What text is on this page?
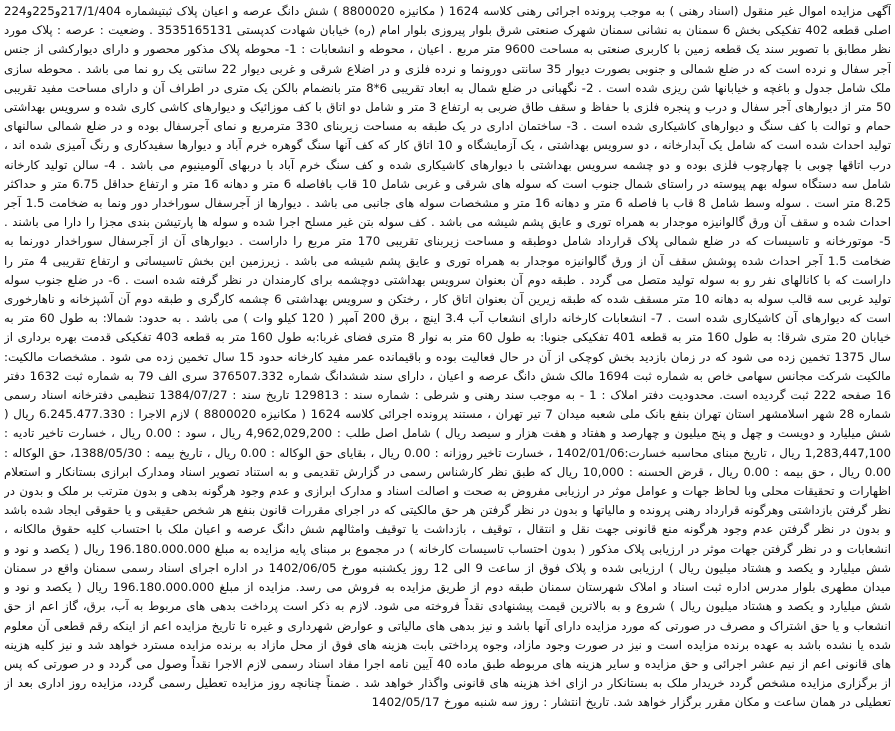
آگهی مزایده اموال غیر منقول (اسناد رهنی ) به موجب پرونده اجرائی رهنی کلاسه 1624 ( مکانیزه 8800020 ) شش دانگ عرصه و اعیان پلاک ثبتیشماره 217/1/404و225و224 اصلی قطعه 402 تفکیکی بخش 6 سمنان به نشانی سمنان شهرک صنعتی شرق بلوار پیروزی بلوار امام (ره) خیابان شهادت کدپستی 3535165131 . وضعیت : عرصه : پلاک مورد نظر مطابق با تصویر سند یک قطعه زمین با کاربری صنعتی به مساحت 9600 متر مربع . اعیان ، محوطه و انشعابات : 1- محوطه پلاک مذکور محصور و دارای دیوارکشی از جنس آجر سفال و نرده است که در ضلع شمالی و جنوبی بصورت دیوار 35 سانتی دورونما و نرده فلزی و در اضلاع شرقی و غربی دیوار 22 سانتی یک رو نما می باشد . محوطه سازی ملک شامل جدول و باغچه و خیابانها شن ریزی شده است . 2- نگهبانی در ضلع شمال به ابعاد تقریبی 6*8 متر بانضمام بالکن یک متری در اطراف آن و دارای مساحت مفید تقریبی 50 متر از دیوارهای آجر سفال و درب و پنجره فلزی با حفاظ و سقف طاق ضربی به ارتفاع 3 متر و شامل دو اتاق با کف موزائیک و دیوارهای کاشی کاری شده و سرویس بهداشتی حمام و توالت با کف سنگ و دیوارهای کاشیکاری شده است . 3- ساختمان اداری در یک طبقه به مساحت زیربنای 330 مترمربع و نمای آجرسفال بوده و در ضلع شمالی سالنهای تولید احداث شده است که شامل یک آبدارخانه ، دو سرویس بهداشتی ، یک آزمایشگاه و 10 اتاق کار که کف آنها سنگ گوهره خرم آباد و دیوارها سفیدکاری و رنگ آمیزی شده اند ، درب اتاقها چوبی با چهارچوب فلزی بوده و دو چشمه سرویس بهداشتی با دیوارهای کاشیکاری شده و کف سنگ خرم آباد با دربهای آلومینیوم می باشد . 4- سالن تولید کارخانه شامل سه دستگاه سوله بهم پیوسته در راستای شمال جنوب است که سوله های شرقی و غربی شامل 10 قاب بافاصله 6 متر و دهانه 16 متر و ارتفاع حداقل 6.75 متر و حداکثر 8.25 متر است . سوله وسط شامل 8 قاب با فاصله 6 متر و دهانه 16 متر و مشخصات سوله های جانبی می باشد . دیوارها از آجرسفال سوراخدار دور ونما به ضخامت 1.5 آجر احداث شده و سقف آن ورق گالوانیزه موجدار به همراه توری و عایق پشم شیشه می باشد . کف سوله بتن غیر مسلح اجرا شده و سوله ها پارتیشن بندی مجزا را دارا می باشند . 5- موتورخانه و تاسیسات که در ضلع شمالی پلاک قرارداد شامل دوطبقه و مساحت زیربنای تقریبی 170 متر مربع را داراست . دیوارهای آن از آجرسفال سوراخدار دورنما به ضخامت 1.5 آجر احداث شده پوشش سقف آن از ورق گالوانیزه موجدار به همراه توری و عایق پشم شیشه می باشد . زیرزمین این بخش تاسیساتی و ارتفاع تقریبی 4 متر را داراست که با کانالهای نفر رو به سوله تولید متصل می گردد . طبقه دوم آن بعنوان سرویس بهداشتی دوچشمه برای کارمندان در نظر گرفته شده است . 6- در ضلع جنوب سوله تولید غربی سه قالب سوله به دهانه 10 متر مسقف شده که طبقه زیرین آن بعنوان اتاق کار ، رختکن و سرویس بهداشتی 6 چشمه کارگری و طبقه دوم آن آشپزخانه و ناهارخوری است که دیوارهای آن کاشیکاری شده است . 7- انشعابات کارخانه دارای انشعاب آب 3.4 اینچ ، برق 200 آمپر ( 120 کیلو وات ) می باشد . به حدود: شمالا: به طول 60 متر به خیابان 20 متری شرقا: به طول 160 متر به قطعه 401 تفکیکی جنوبا: به طول 60 متر به نوار 8 متری فضای غربا:به طول 160 متر به قطعه 403 تفکیکی قدمت بهره برداری از سال 1375 تخمین زده می شود که در زمان بازدید بخش کوچکی از آن در حال فعالیت بوده و باقیمانده عمر مفید کارخانه حدود 15 سال تخمین زده می شود . مشخصات مالکیت: مالکیت شرکت مجانس سهامی خاص به شماره ثبت 1694 مالک شش دانگ عرصه و اعیان ، دارای سند ششدانگ شماره 376507.332 سری الف 79 به شماره ثبت 1632 دفتر 16 صفحه 222 ثبت گردیده است. محدودیت دفتر املاک : 1 - به موجب سند رهنی و شرطی : شماره سند : 129813 تاریخ سند : 1384/07/27 تنظیمی دفترخانه اسناد رسمی شماره 28 شهر اسلامشهر استان تهران بنفع بانک ملی شعبه میدان 7 تیر تهران ، مستند پرونده اجرائی کلاسه 1624 ( مکانیزه 8800020 ) لازم الاجرا : 6.245.477.330 ریال ( شش میلیارد و دویست و چهل و پنج میلیون و چهارصد و هفتاد و هفت هزار و سیصد ریال ) شامل اصل طلب : 4,962,029,200 ریال ، سود : 0.00 ریال ، خسارت تاخیر تادیه : 1,283,447,100 ریال ، تاریخ مبنای محاسبه خسارت:1402/01/06 ، خسارت تاخیر روزانه : 0.00 ریال ، بقایای حق الوکاله : 0.00 ریال ، تاریخ بیمه : 1388/05/30، حق الوکاله : 0.00 ریال ، حق بیمه : 0.00 ریال ، قرض الحسنه : 10,000 ریال که طبق نظر کارشناس رسمی در گزارش تقدیمی و به استناد تصویر اسناد ومدارک ابرازی بستانکار و استعلام اظهارات و تحقیقات محلی وبا لحاظ جهات و عوامل موثر در ارزیابی مفروض به صحت و اصالت اسناد و مدارک ابرازی و عدم وجود هرگونه بدهی و بدون مترتب بر ملک و بدون در نظر گرفتن بازداشتی وهرگونه قرارداد رهنی پرونده و مالیاتها و بدون در نظر گرفتن هر حق مالکیتی که در اجرای مقررات قانون بنفع هر شخص حقیقی و یا حقوقی ایجاد شده باشد و بدون در نظر گرفتن عدم وجود هرگونه منع قانونی جهت نقل و انتقال ، توقیف ، بازداشت یا توقیف وامثالهم شش دانگ عرصه و اعیان ملک با احتساب کلیه حقوق مالکانه ، انشعابات و در نظر گرفتن جهات موثر در ارزیابی پلاک مذکور ( بدون احتساب تاسیسات کارخانه ) در مجموع بر مبنای پایه مزایده به مبلغ 196.180.000.000 ریال ( یکصد و نود و شش میلیارد و یکصد و هشتاد میلیون ریال ) ارزیابی شده و پلاک فوق از ساعت 9 الی 12 روز یکشنبه مورخ 1402/06/05 در اداره اجرای اسناد رسمی سمنان واقع در سمنان میدان مطهری بلوار مدرس اداره ثبت اسناد و املاک شهرستان سمنان طبقه دوم از طریق مزایده به فروش می رسد. مزایده از مبلغ 196.180.000.000 ریال ( یکصد و نود و شش میلیارد و یکصد و هشتاد میلیون ریال ) شروع و به بالاترین قیمت پیشنهادی نقداً فروخته می شود. لازم به ذکر است پرداخت بدهی های مربوط به آب، برق، گاز اعم از حق انشعاب و یا حق اشتراک و مصرف در صورتی که مورد مزایده دارای آنها باشد و نیز بدهی های مالیاتی و عوارض شهرداری و غیره تا تاریخ مزایده اعم از اینکه رقم قطعی آن معلوم شده یا نشده باشد به عهده برنده مزایده است و نیز در صورت وجود مازاد، وجوه پرداختی بابت هزینه های فوق از محل مازاد به برنده مزایده مسترد خواهد شد و نیز کلیه هزینه های قانونی اعم از نیم عشر اجرائی و حق مزایده و سایر هزینه های مربوطه طبق ماده 40 آیین نامه اجرا مفاد اسناد رسمی لازم الاجرا نقداً وصول می گردد و در صورتی که پس از برگزاری مزایده مشخص گردد خریدار ملک به بستانکار در ازای اخذ هزینه های قانونی واگذار خواهد شد . ضمناً چنانچه روز مزایده تعطیل رسمی گردد، مزایده روز اداری بعد از تعطیلی در همان ساعت و مکان مقرر برگزار خواهد شد. تاریخ انتشار : روز سه شنبه مورخ 1402/05/17
